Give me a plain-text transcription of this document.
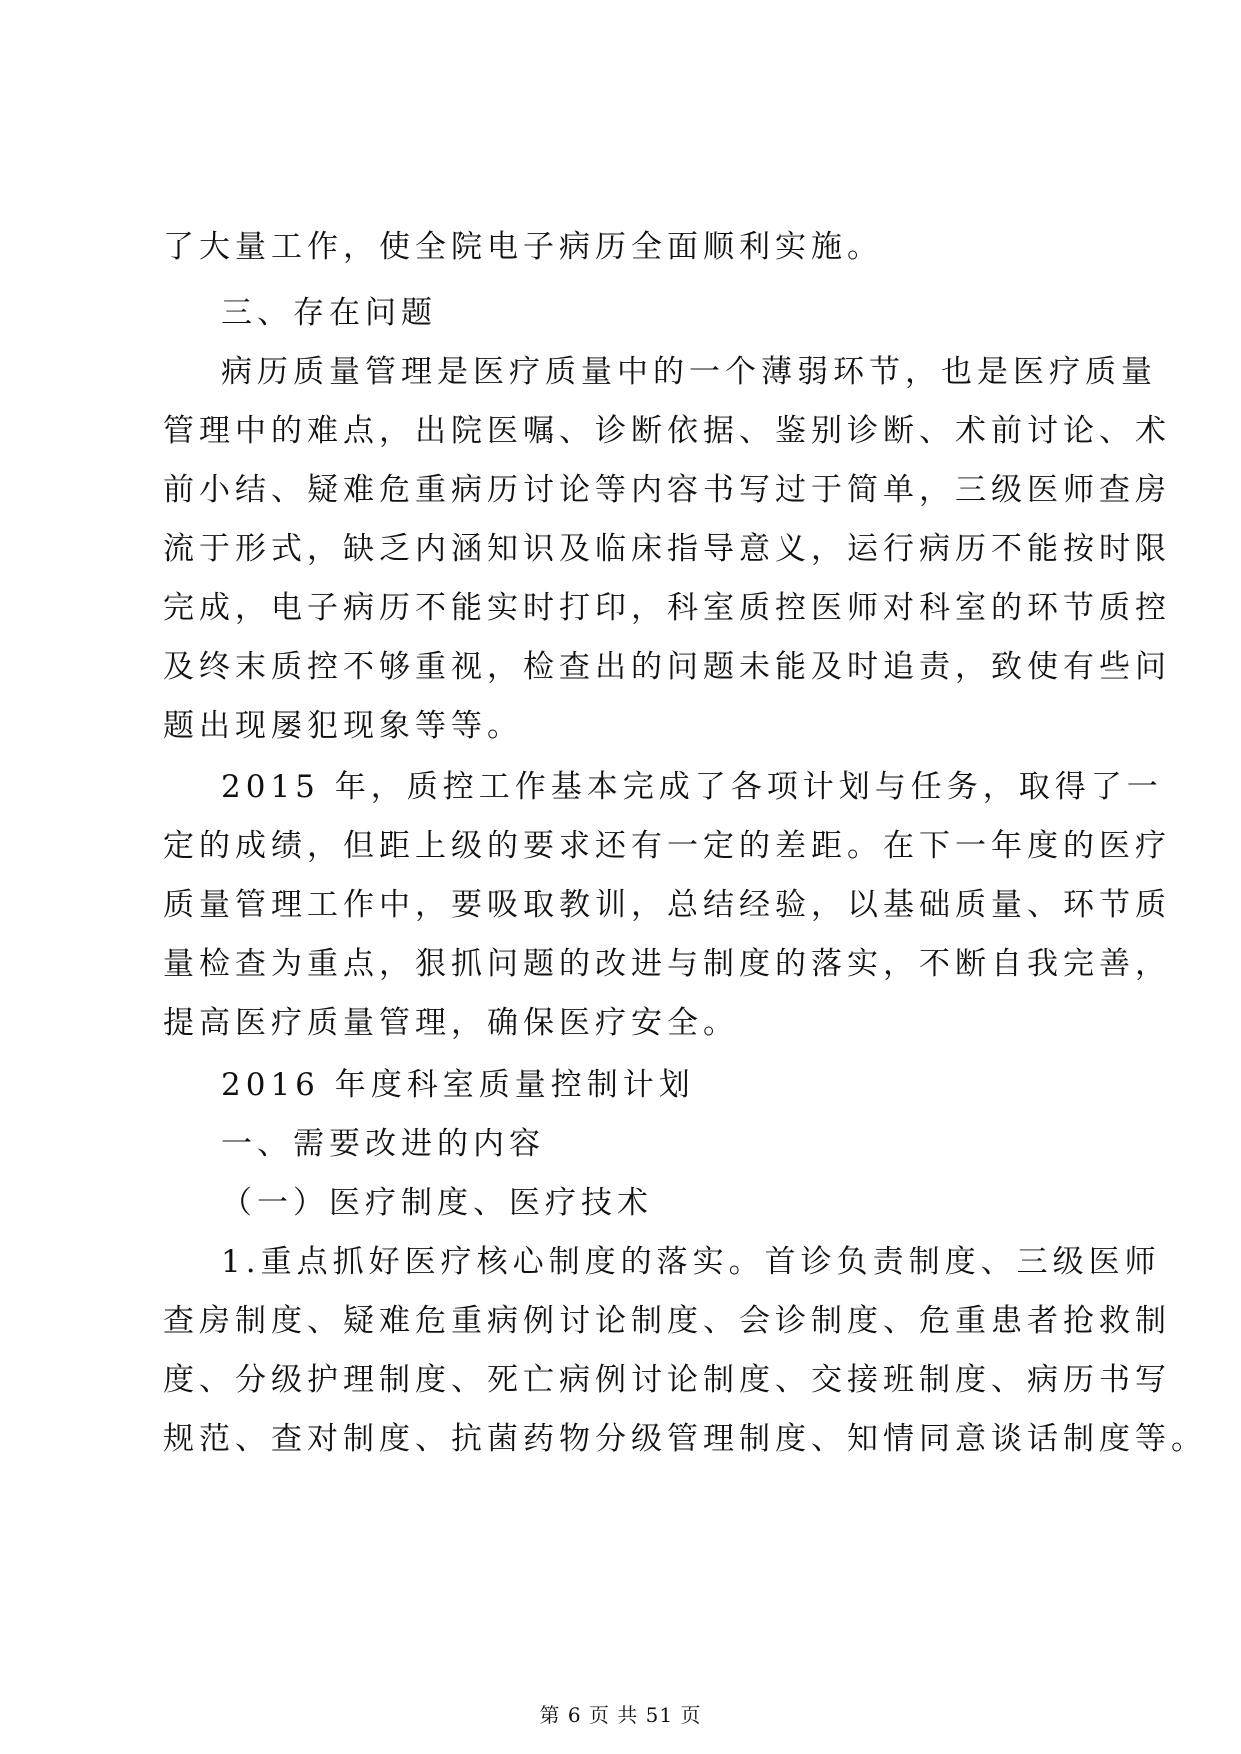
了大量工作，使全院电子病历全面顺利实施。
三、存在问题
病历质量管理是医疗质量中的一个薄弱环节，也是医疗质量
管理中的难点，出院医嘱、诊断依据、鉴别诊断、术前讨论、术
前小结、疑难危重病历讨论等内容书写过于简单，三级医师查房
流于形式，缺乏内涵知识及临床指导意义，运行病历不能按时限
完成，电子病历不能实时打印，科室质控医师对科室的环节质控
及终末质控不够重视，检查出的问题未能及时追责，致使有些问
题出现屡犯现象等等。
2015 年，质控工作基本完成了各项计划与任务，取得了一
定的成绩，但距上级的要求还有一定的差距。在下一年度的医疗
质量管理工作中，要吸取教训，总结经验，以基础质量、环节质
量检查为重点，狠抓问题的改进与制度的落实，不断自我完善，
提高医疗质量管理，确保医疗安全。
2016 年度科室质量控制计划
一、需要改进的内容
（一）医疗制度、医疗技术
1.重点抓好医疗核心制度的落实。首诊负责制度、三级医师
查房制度、疑难危重病例讨论制度、会诊制度、危重患者抢救制
度、分级护理制度、死亡病例讨论制度、交接班制度、病历书写
规范、查对制度、抗菌药物分级管理制度、知情同意谈话制度等。
第 6 页 共 51 页
